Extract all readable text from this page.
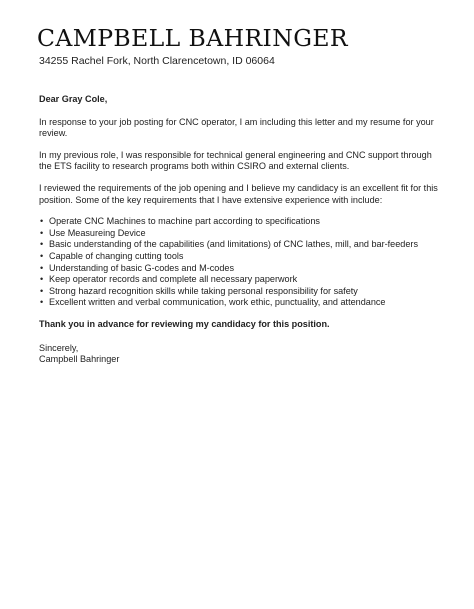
CAMPBELL BAHRINGER

34255 Rachel Fork, North Clarencetown, ID 06064

Dear Gray Cole,

In response to your job posting for CNC operator, I am including this letter and my resume for your review.

In my previous role, I was responsible for technical general engineering and CNC support through the ETS facility to research programs both within CSIRO and external clients.

I reviewed the requirements of the job opening and I believe my candidacy is an excellent fit for this position. Some of the key requirements that I have extensive experience with include:

• Operate CNC Machines to machine part according to specifications
• Use Measureing Device
• Basic understanding of the capabilities (and limitations) of CNC lathes, mill, and bar-feeders
• Capable of changing cutting tools
• Understanding of basic G-codes and M-codes
• Keep operator records and complete all necessary paperwork
• Strong hazard recognition skills while taking personal responsibility for safety
• Excellent written and verbal communication, work ethic, punctuality, and attendance

Thank you in advance for reviewing my candidacy for this position.

Sincerely,

Campbell Bahringer
